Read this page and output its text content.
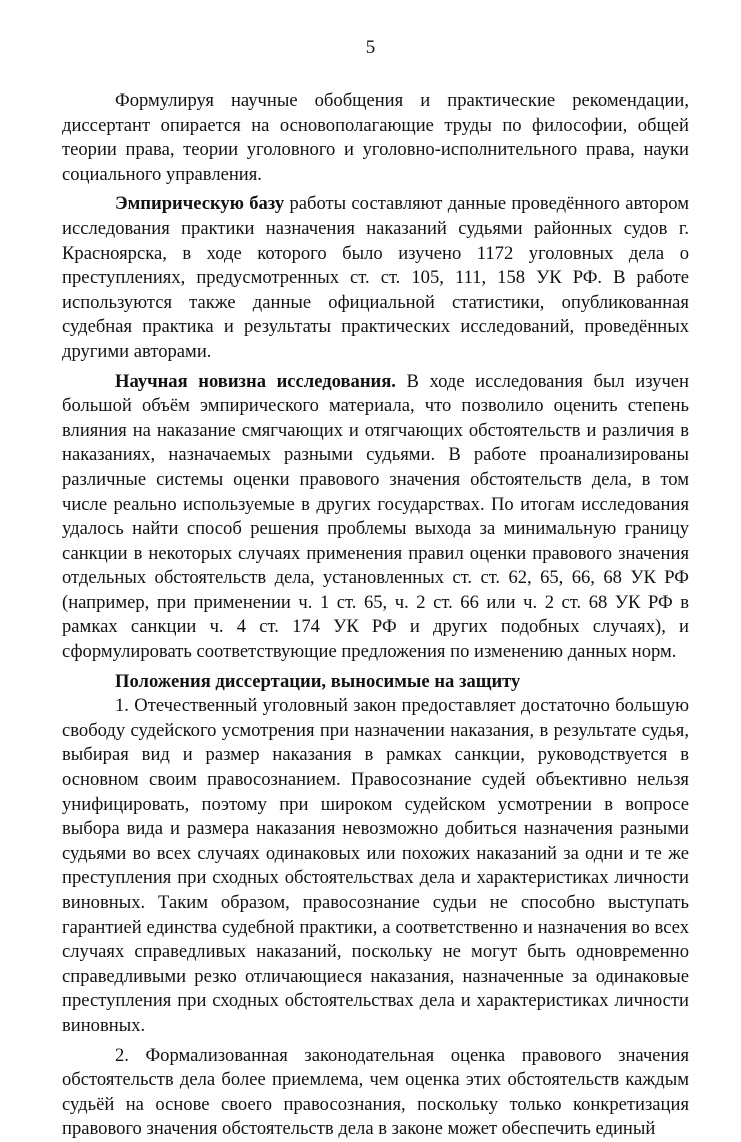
5

Формулируя научные обобщения и практические рекомендации, диссертант опирается на основополагающие труды по философии, общей теории права, теории уголовного и уголовно-исполнительного права, науки социального управления.

Эмпирическую базу работы составляют данные проведённого автором исследования практики назначения наказаний судьями районных судов г. Красноярска, в ходе которого было изучено 1172 уголовных дела о преступлениях, предусмотренных ст. ст. 105, 111, 158 УК РФ. В работе используются также данные официальной статистики, опубликованная судебная практика и результаты практических исследований, проведённых другими авторами.

Научная новизна исследования. В ходе исследования был изучен большой объём эмпирического материала, что позволило оценить степень влияния на наказание смягчающих и отягчающих обстоятельств и различия в наказаниях, назначаемых разными судьями. В работе проанализированы различные системы оценки правового значения обстоятельств дела, в том числе реально используемые в других государствах. По итогам исследования удалось найти способ решения проблемы выхода за минимальную границу санкции в некоторых случаях применения правил оценки правового значения отдельных обстоятельств дела, установленных ст. ст. 62, 65, 66, 68 УК РФ (например, при применении ч. 1 ст. 65, ч. 2 ст. 66 или ч. 2 ст. 68 УК РФ в рамках санкции ч. 4 ст. 174 УК РФ и других подобных случаях), и сформулировать соответствующие предложения по изменению данных норм.

Положения диссертации, выносимые на защиту

1. Отечественный уголовный закон предоставляет достаточно большую свободу судейского усмотрения при назначении наказания, в результате судья, выбирая вид и размер наказания в рамках санкции, руководствуется в основном своим правосознанием. Правосознание судей объективно нельзя унифицировать, поэтому при широком судейском усмотрении в вопросе выбора вида и размера наказания невозможно добиться назначения разными судьями во всех случаях одинаковых или похожих наказаний за одни и те же преступления при сходных обстоятельствах дела и характеристиках личности виновных. Таким образом, правосознание судьи не способно выступать гарантией единства судебной практики, а соответственно и назначения во всех случаях справедливых наказаний, поскольку не могут быть одновременно справедливыми резко отличающиеся наказания, назначенные за одинаковые преступления при сходных обстоятельствах дела и характеристиках личности виновных.

2. Формализованная законодательная оценка правового значения обстоятельств дела более приемлема, чем оценка этих обстоятельств каждым судьёй на основе своего правосознания, поскольку только конкретизация правового значения обстоятельств дела в законе может обеспечить единый
